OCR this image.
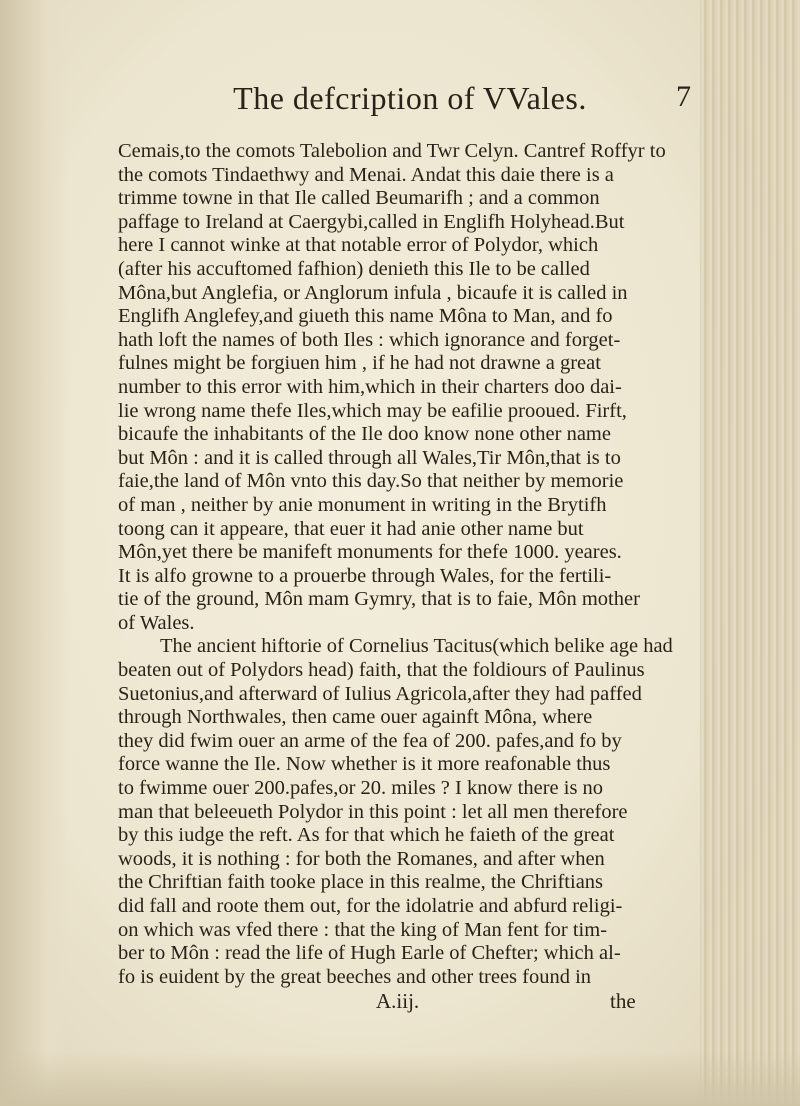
The defcription of VVales.	7
Cemais,to the comots Talebolion and Twr Celyn. Cantref Roffyr to
the comots Tindaethwy and Menai. Andat this daie there is a
trimme towne in that Ile called Beumarifh ; and a common
paffage to Ireland at Caergybi,called in Englifh Holyhead.But
here I cannot winke at that notable error of Polydor, which
(after his accuftomed fafhion) denieth this Ile to be called
Môna,but Anglefia, or Anglorum infula , bicaufe it is called in
Englifh Anglefey,and giueth this name Môna to Man, and fo
hath loft the names of both Iles : which ignorance and forget-
fulnes might be forgiuen him , if he had not drawne a great
number to this error with him,which in their charters doo dai-
lie wrong name thefe Iles,which may be eafilie prooued. Firft,
bicaufe the inhabitants of the Ile doo know none other name
but Môn : and it is called through all Wales,Tir Môn,that is to
faie,the land of Môn vnto this day.So that neither by memorie
of man , neither by anie monument in writing in the Brytifh
toong can it appeare, that euer it had anie other name but
Môn,yet there be manifeft monuments for thefe 1000. yeares.
It is alfo growne to a prouerbe through Wales, for the fertili-
tie of the ground, Môn mam Gymry, that is to faie, Môn mother
of Wales.
The ancient hiftorie of Cornelius Tacitus(which belike age had
beaten out of Polydors head) faith, that the foldiours of Paulinus
Suetonius,and afterward of Iulius Agricola,after they had paffed
through Northwales, then came ouer againft Môna, where
they did fwim ouer an arme of the fea of 200. pafes,and fo by
force wanne the Ile. Now whether is it more reafonable thus
to fwimme ouer 200.pafes,or 20. miles ? I know there is no
man that beleeueth Polydor in this point : let all men therefore
by this iudge the reft. As for that which he faieth of the great
woods, it is nothing : for both the Romanes, and after when
the Chriftian faith tooke place in this realme, the Chriftians
did fall and roote them out, for the idolatrie and abfurd religi-
on which was vfed there : that the king of Man fent for tim-
ber to Môn : read the life of Hugh Earle of Chefter; which al-
fo is euident by the great beeches and other trees found in
A.iij.	the
